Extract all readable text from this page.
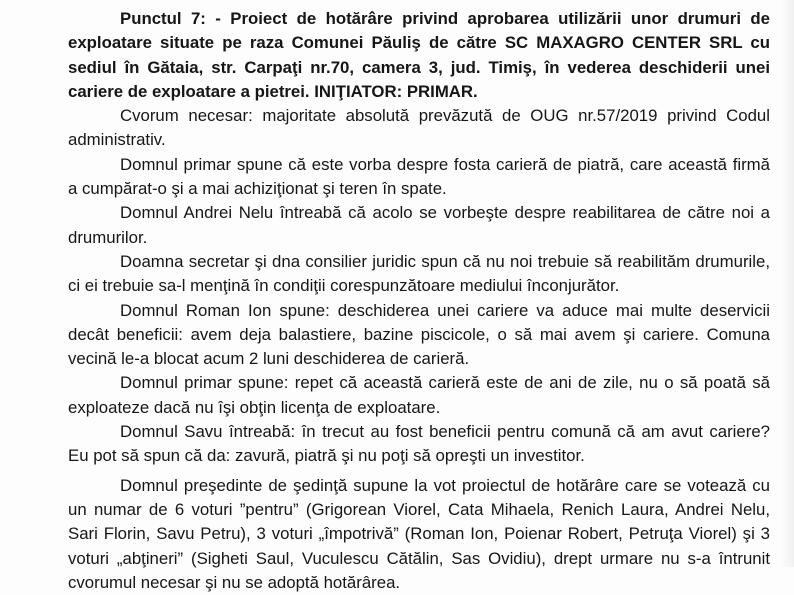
Punctul 7: - Proiect de hotărâre privind aprobarea utilizării unor drumuri de exploatare situate pe raza Comunei Păuliş de către SC MAXAGRO CENTER SRL cu sediul în Gătaia, str. Carpaţi nr.70, camera 3, jud. Timiş, în vederea deschiderii unei cariere de exploatare a pietrei. INIŢIATOR: PRIMAR.

Cvorum necesar: majoritate absolută prevăzută de OUG nr.57/2019 privind Codul administrativ.

Domnul primar spune că este vorba despre fosta carieră de piatră, care această firmă a cumpărat-o şi a mai achiziţionat şi teren în spate.

Domnul Andrei Nelu întreabă că acolo se vorbeşte despre reabilitarea de către noi a drumurilor.

Doamna secretar şi dna consilier juridic spun că nu noi trebuie să reabilităm drumurile, ci ei trebuie sa-l menţină în condiţii corespunzătoare mediului înconjurător.

Domnul Roman Ion spune: deschiderea unei cariere va aduce mai multe deservicii decât beneficii: avem deja balastiere, bazine piscicole, o să mai avem şi cariere. Comuna vecină le-a blocat acum 2 luni deschiderea de carieră.

Domnul primar spune: repet că această carieră este de ani de zile, nu o să poată să exploateze dacă nu îşi obţin licenţa de exploatare.

Domnul Savu întreabă: în trecut au fost beneficii pentru comună că am avut cariere? Eu pot să spun că da: zavură, piatră şi nu poţi să opreşti un investitor.

Domnul preşedinte de şedinţă supune la vot proiectul de hotărâre care se votează cu un numar de 6 voturi ”pentru” (Grigorean Viorel, Cata Mihaela, Renich Laura, Andrei Nelu, Sari Florin, Savu Petru), 3 voturi „împotrivă” (Roman Ion, Poienar Robert, Petruţa Viorel) şi 3 voturi „abţineri” (Sigheti Saul, Vuculescu Cătălin, Sas Ovidiu), drept urmare nu s-a întrunit cvorumul necesar şi nu se adoptă hotărârea.
